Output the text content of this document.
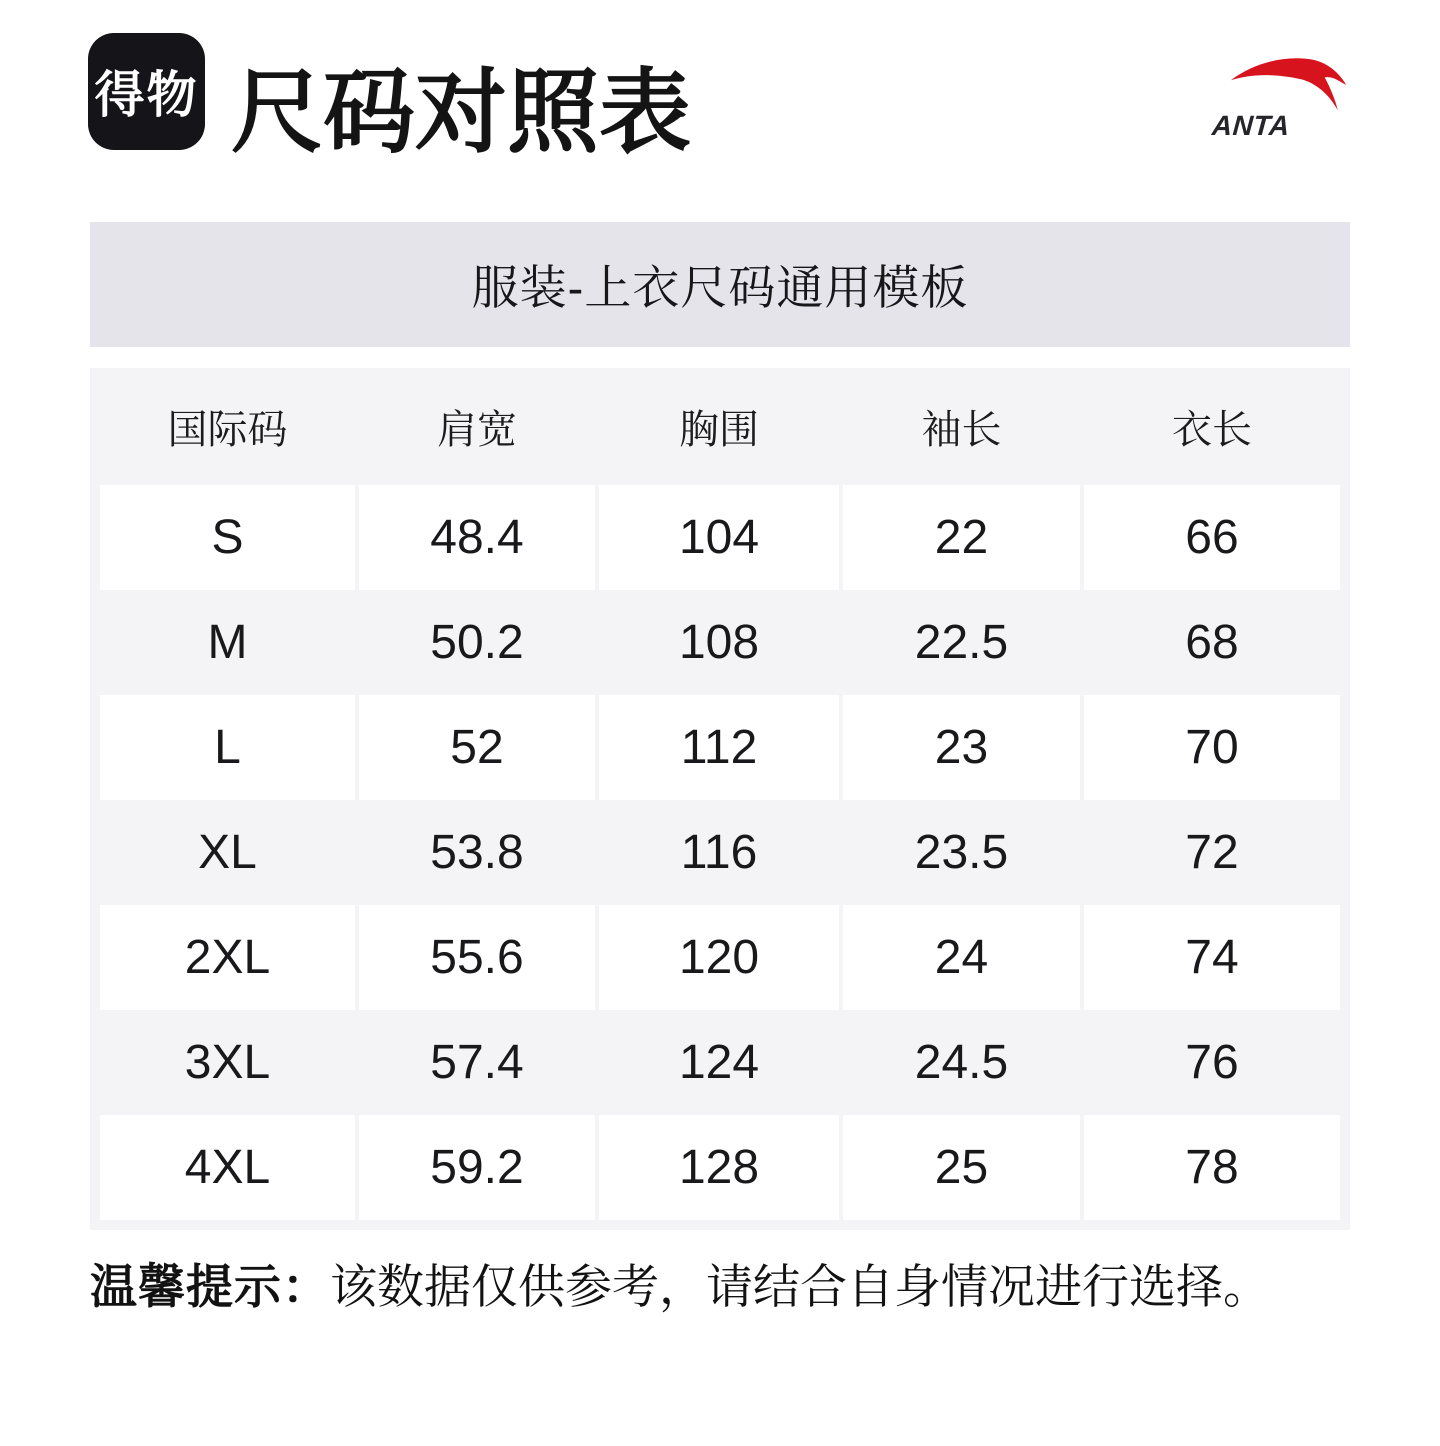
得物 尺码对照表	ANTA
服装-上衣尺码通用模板
国际码	肩宽	胸围	袖长	衣长
S	48.4	104	22	66
M	50.2	108	22.5	68
L	52	112	23	70
XL	53.8	116	23.5	72
2XL	55.6	120	24	74
3XL	57.4	124	24.5	76
4XL	59.2	128	25	78

温馨提示：该数据仅供参考，请结合自身情况进行选择。
